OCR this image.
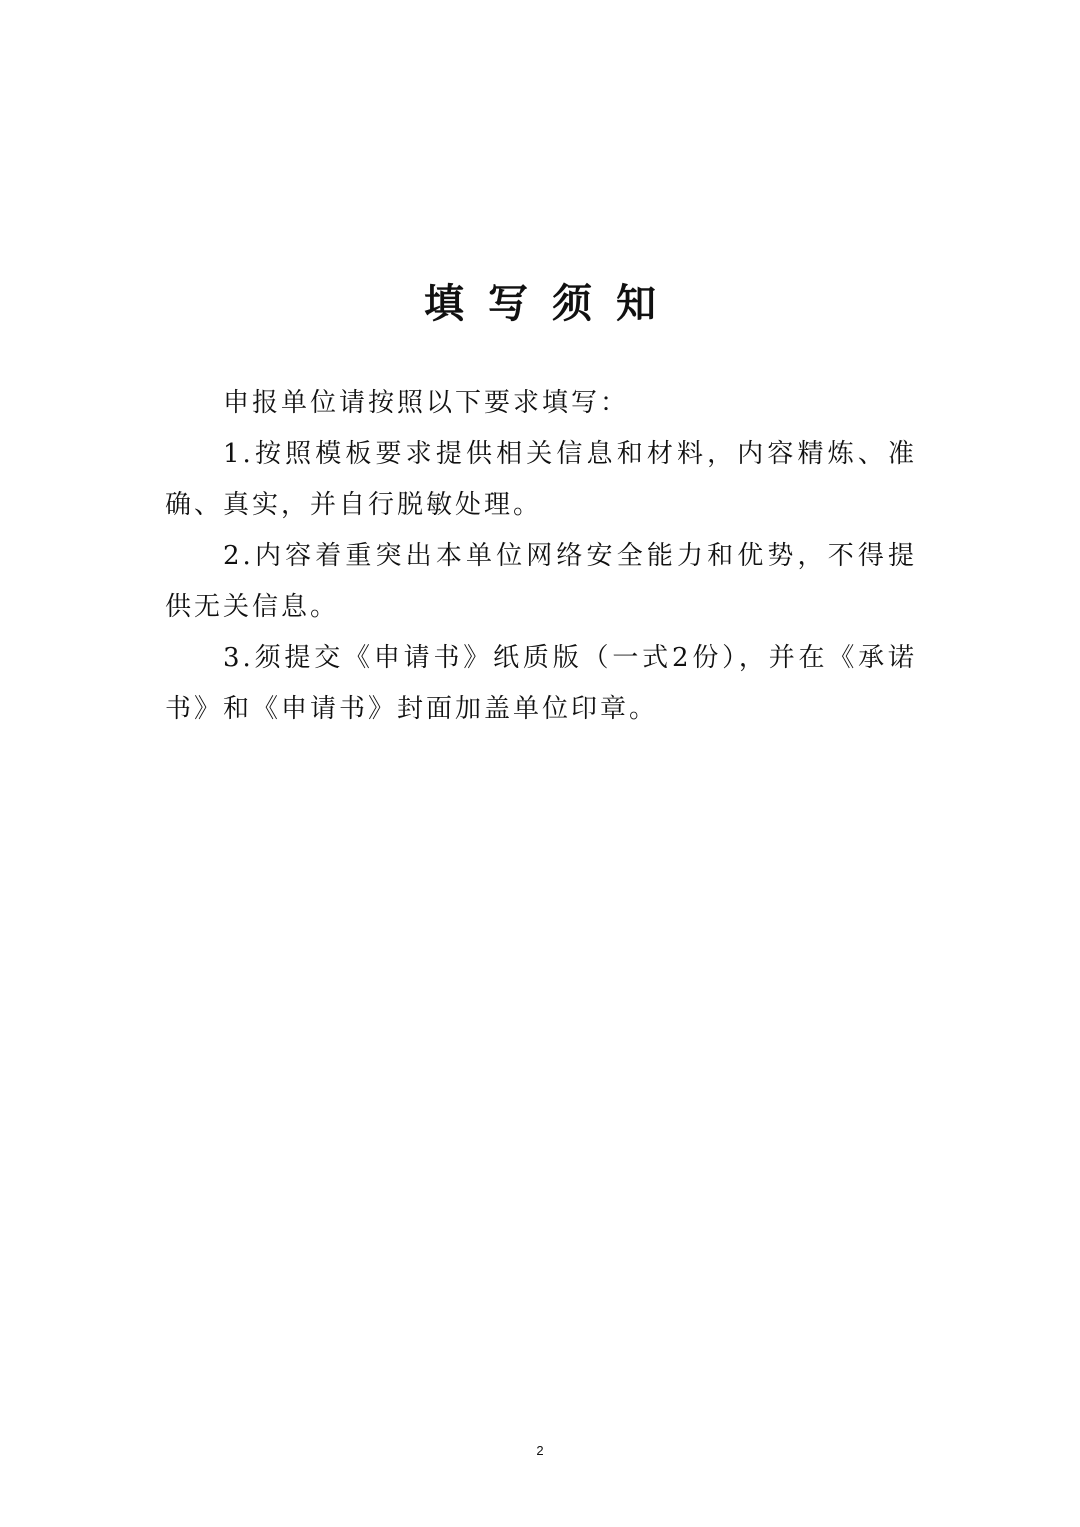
填写须知

申报单位请按照以下要求填写：

1.按照模板要求提供相关信息和材料，内容精炼、准确、真实，并自行脱敏处理。

2.内容着重突出本单位网络安全能力和优势，不得提供无关信息。

3.须提交《申请书》纸质版（一式2份），并在《承诺书》和《申请书》封面加盖单位印章。

2
